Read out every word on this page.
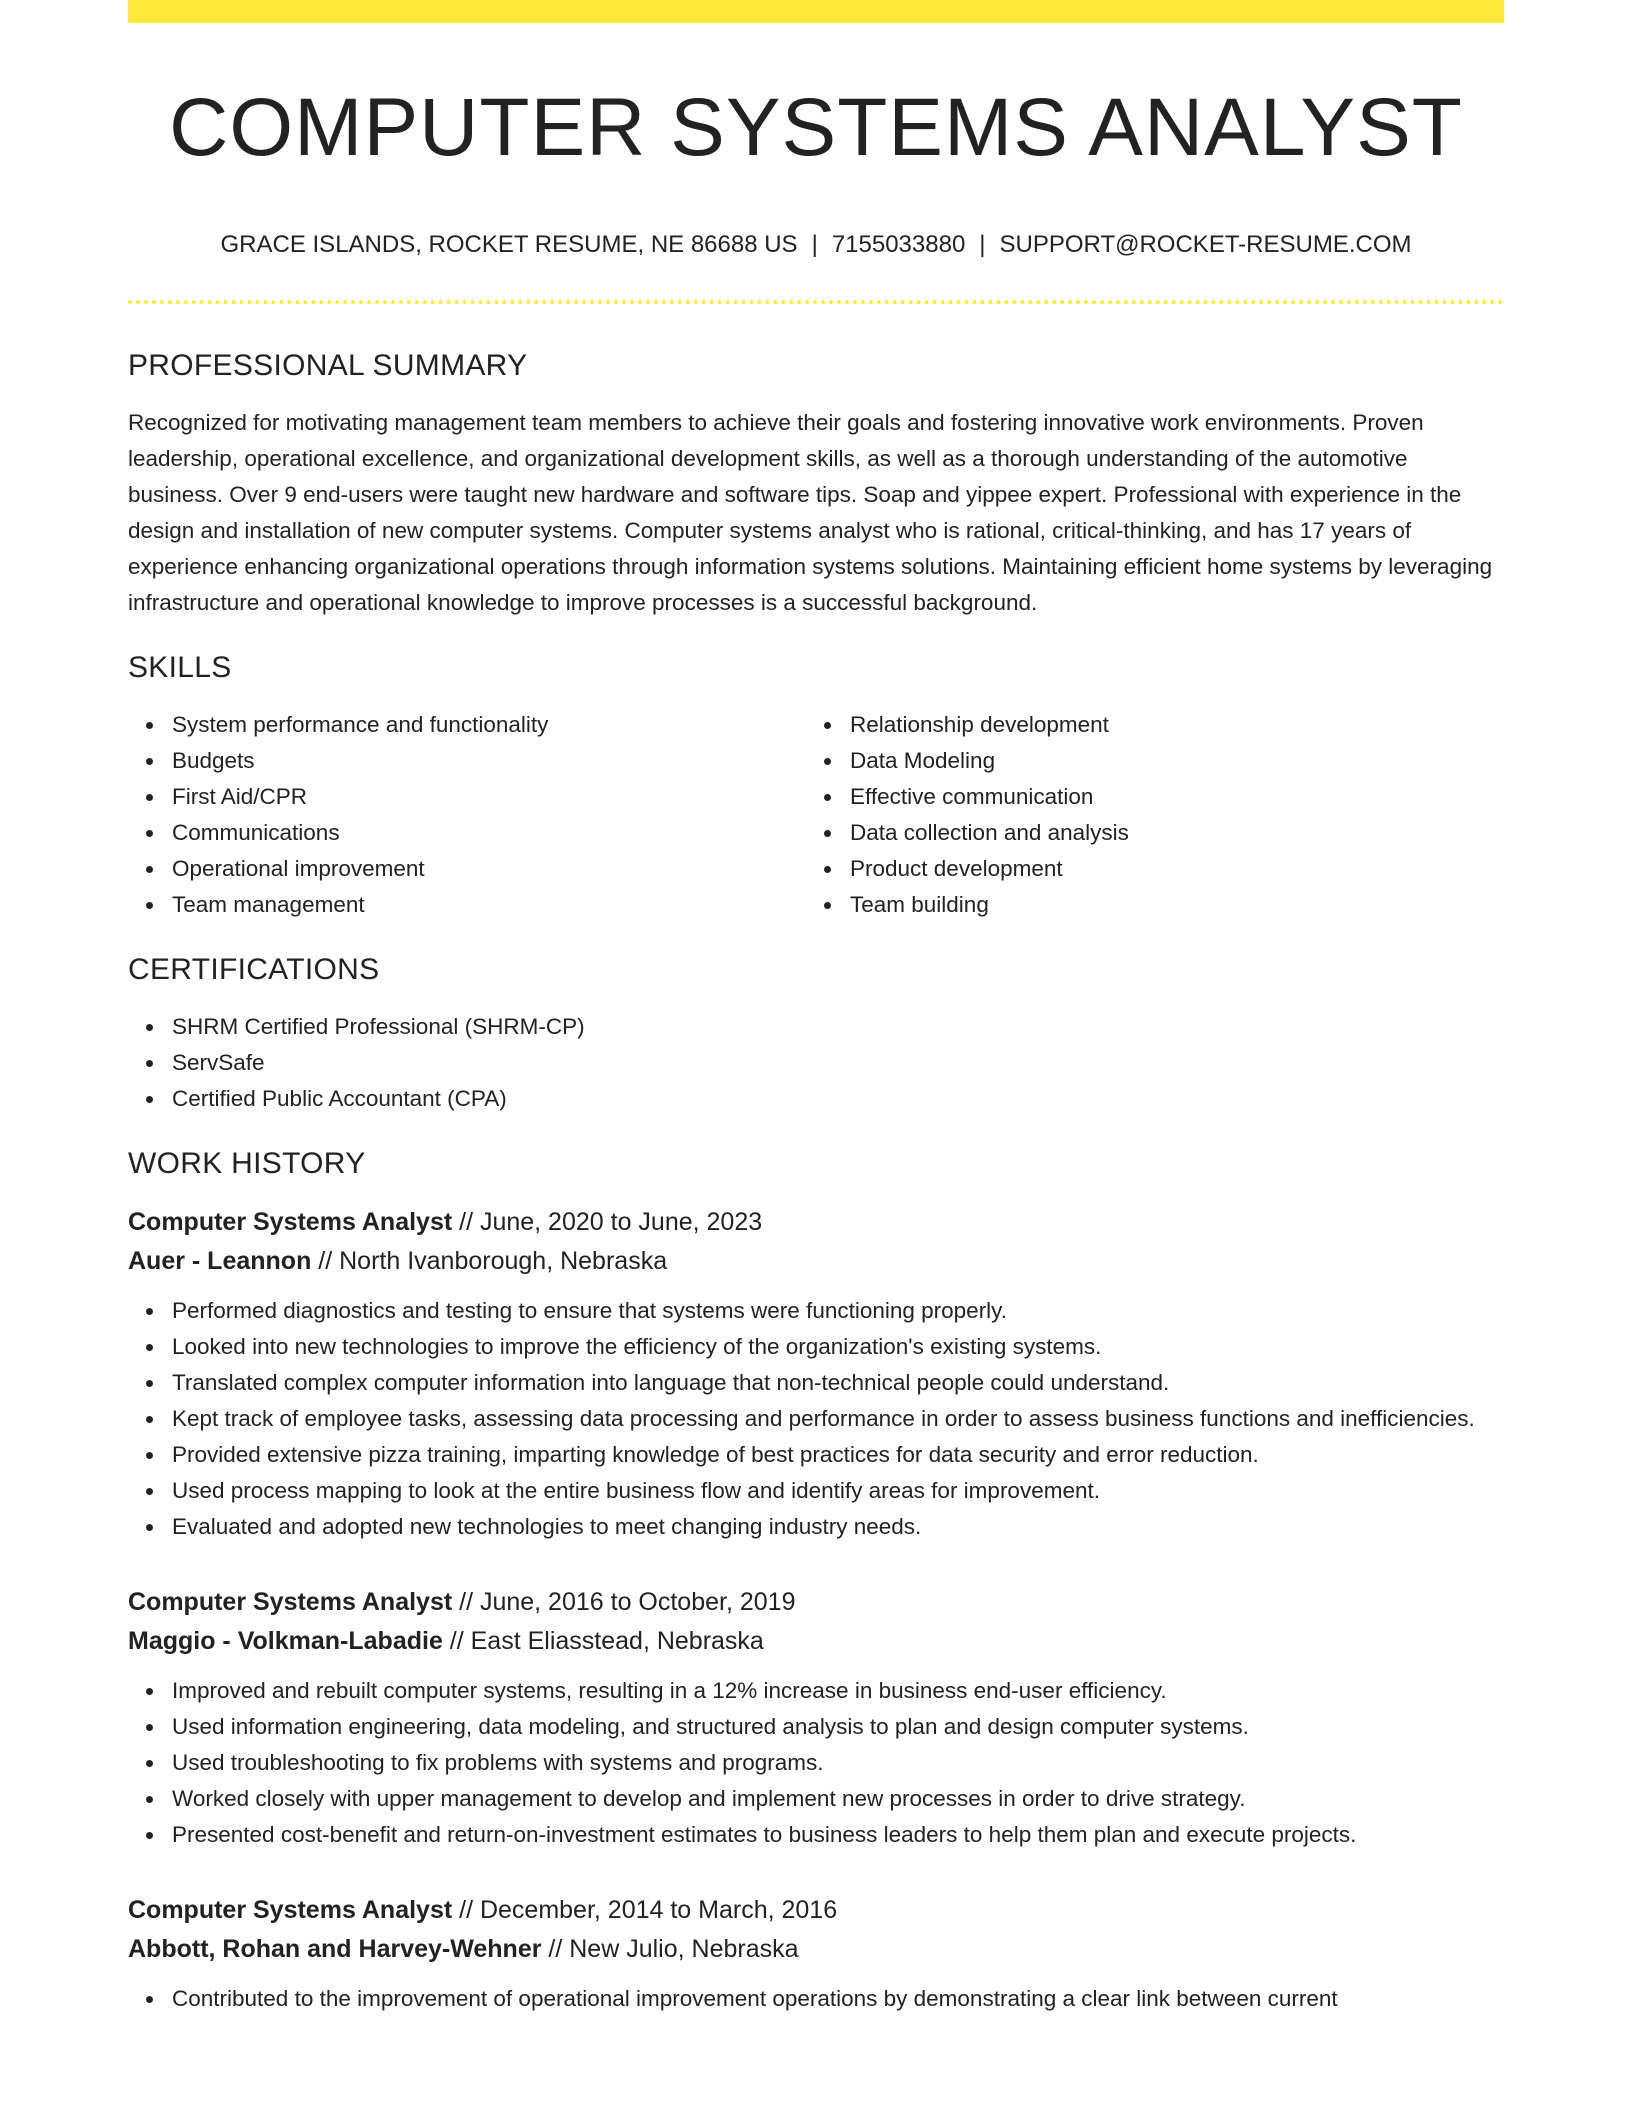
COMPUTER SYSTEMS ANALYST
GRACE ISLANDS, ROCKET RESUME, NE 86688 US | 7155033880 | SUPPORT@ROCKET-RESUME.COM
PROFESSIONAL SUMMARY

Recognized for motivating management team members to achieve their goals and fostering innovative work environments. Proven leadership, operational excellence, and organizational development skills, as well as a thorough understanding of the automotive business. Over 9 end-users were taught new hardware and software tips. Soap and yippee expert. Professional with experience in the design and installation of new computer systems. Computer systems analyst who is rational, critical-thinking, and has 17 years of experience enhancing organizational operations through information systems solutions. Maintaining efficient home systems by leveraging infrastructure and operational knowledge to improve processes is a successful background.

SKILLS
System performance and functionality
Budgets
First Aid/CPR
Communications
Operational improvement
Team management
Relationship development
Data Modeling
Effective communication
Data collection and analysis
Product development
Team building
CERTIFICATIONS
SHRM Certified Professional (SHRM-CP)
ServSafe
Certified Public Accountant (CPA)
WORK HISTORY
Computer Systems Analyst // June, 2020 to June, 2023
Auer - Leannon // North Ivanborough, Nebraska
Performed diagnostics and testing to ensure that systems were functioning properly.
Looked into new technologies to improve the efficiency of the organization's existing systems.
Translated complex computer information into language that non-technical people could understand.
Kept track of employee tasks, assessing data processing and performance in order to assess business functions and inefficiencies.
Provided extensive pizza training, imparting knowledge of best practices for data security and error reduction.
Used process mapping to look at the entire business flow and identify areas for improvement.
Evaluated and adopted new technologies to meet changing industry needs.
Computer Systems Analyst // June, 2016 to October, 2019
Maggio - Volkman-Labadie // East Eliasstead, Nebraska
Improved and rebuilt computer systems, resulting in a 12% increase in business end-user efficiency.
Used information engineering, data modeling, and structured analysis to plan and design computer systems.
Used troubleshooting to fix problems with systems and programs.
Worked closely with upper management to develop and implement new processes in order to drive strategy.
Presented cost-benefit and return-on-investment estimates to business leaders to help them plan and execute projects.
Computer Systems Analyst // December, 2014 to March, 2016
Abbott, Rohan and Harvey-Wehner // New Julio, Nebraska
Contributed to the improvement of operational improvement operations by demonstrating a clear link between current
